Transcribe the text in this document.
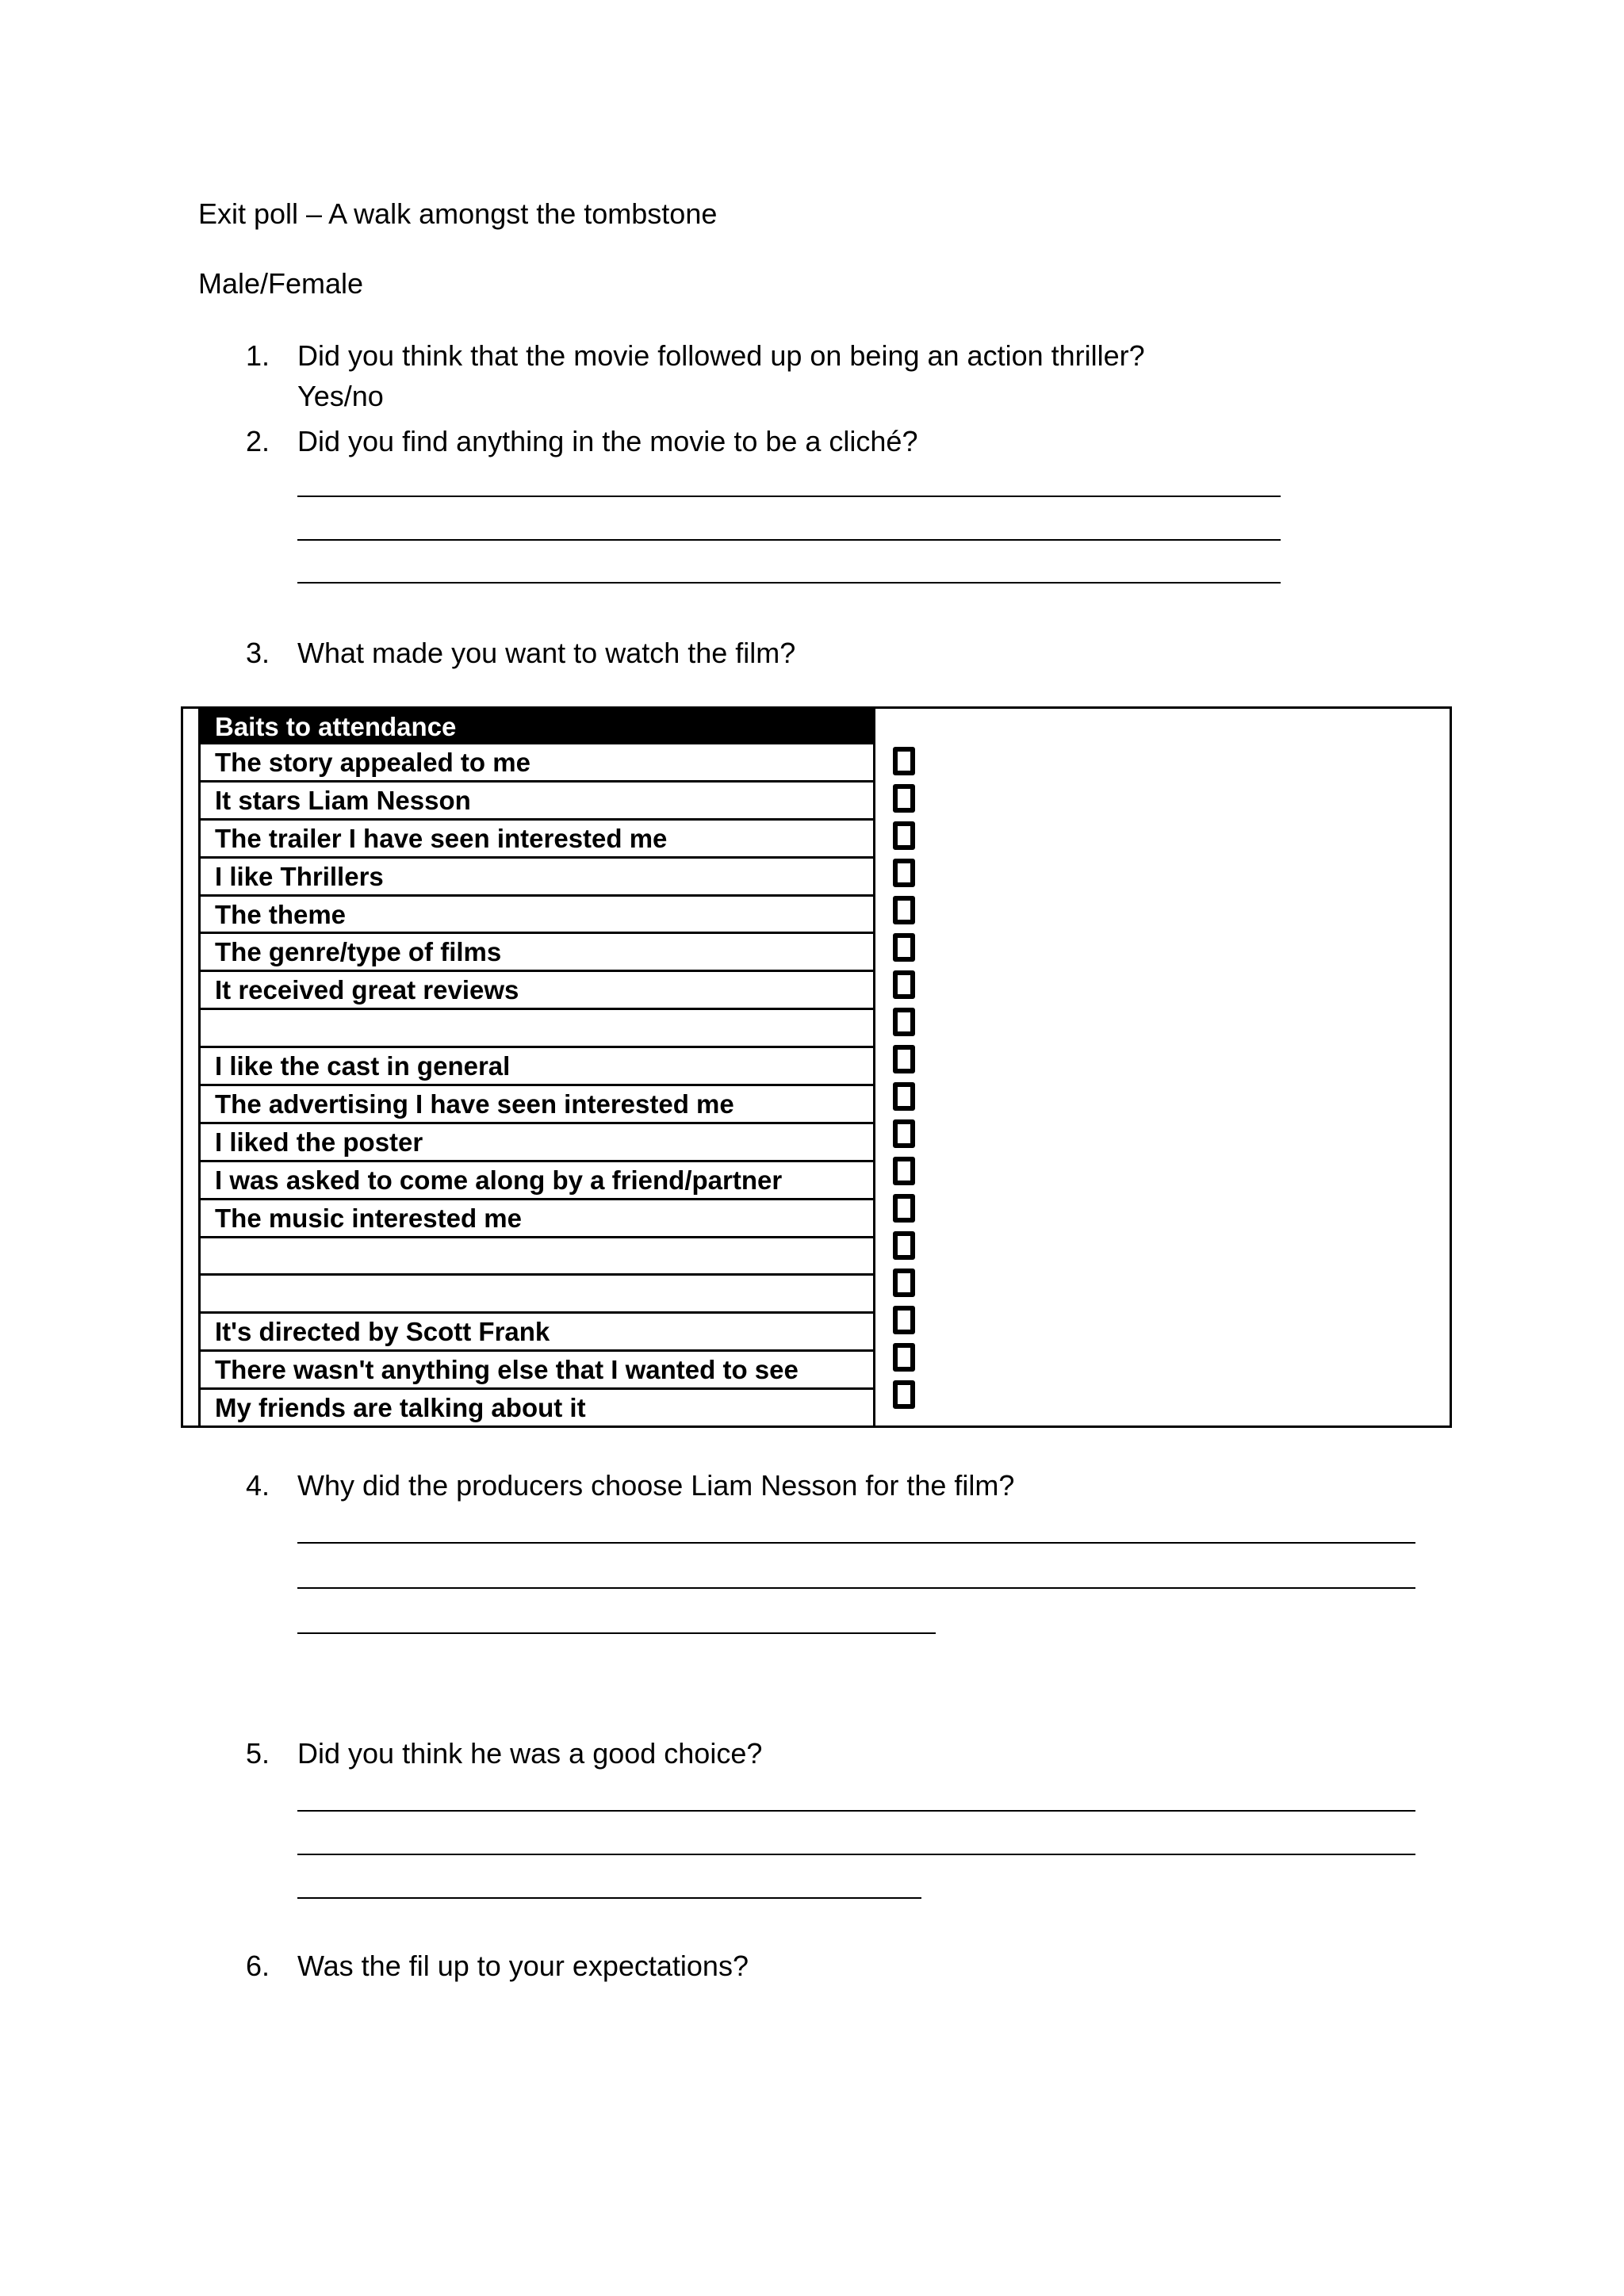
Exit poll – A walk amongst the tombstone
Male/Female
1. Did you think that the movie followed up on being an action thriller?
Yes/no
2. Did you find anything in the movie to be a cliché?
3. What made you want to watch the film?
Baits to attendance
The story appealed to me
It stars Liam Nesson
The trailer I have seen interested me
I like Thrillers
The theme
The genre/type of films
It received great reviews
I like the cast in general
The advertising I have seen interested me
I liked the poster
I was asked to come along by a friend/partner
The music interested me
It's directed by Scott Frank
There wasn't anything else that I wanted to see
My friends are talking about it
4. Why did the producers choose Liam Nesson for the film?
5. Did you think he was a good choice?
6. Was the fil up to your expectations?
